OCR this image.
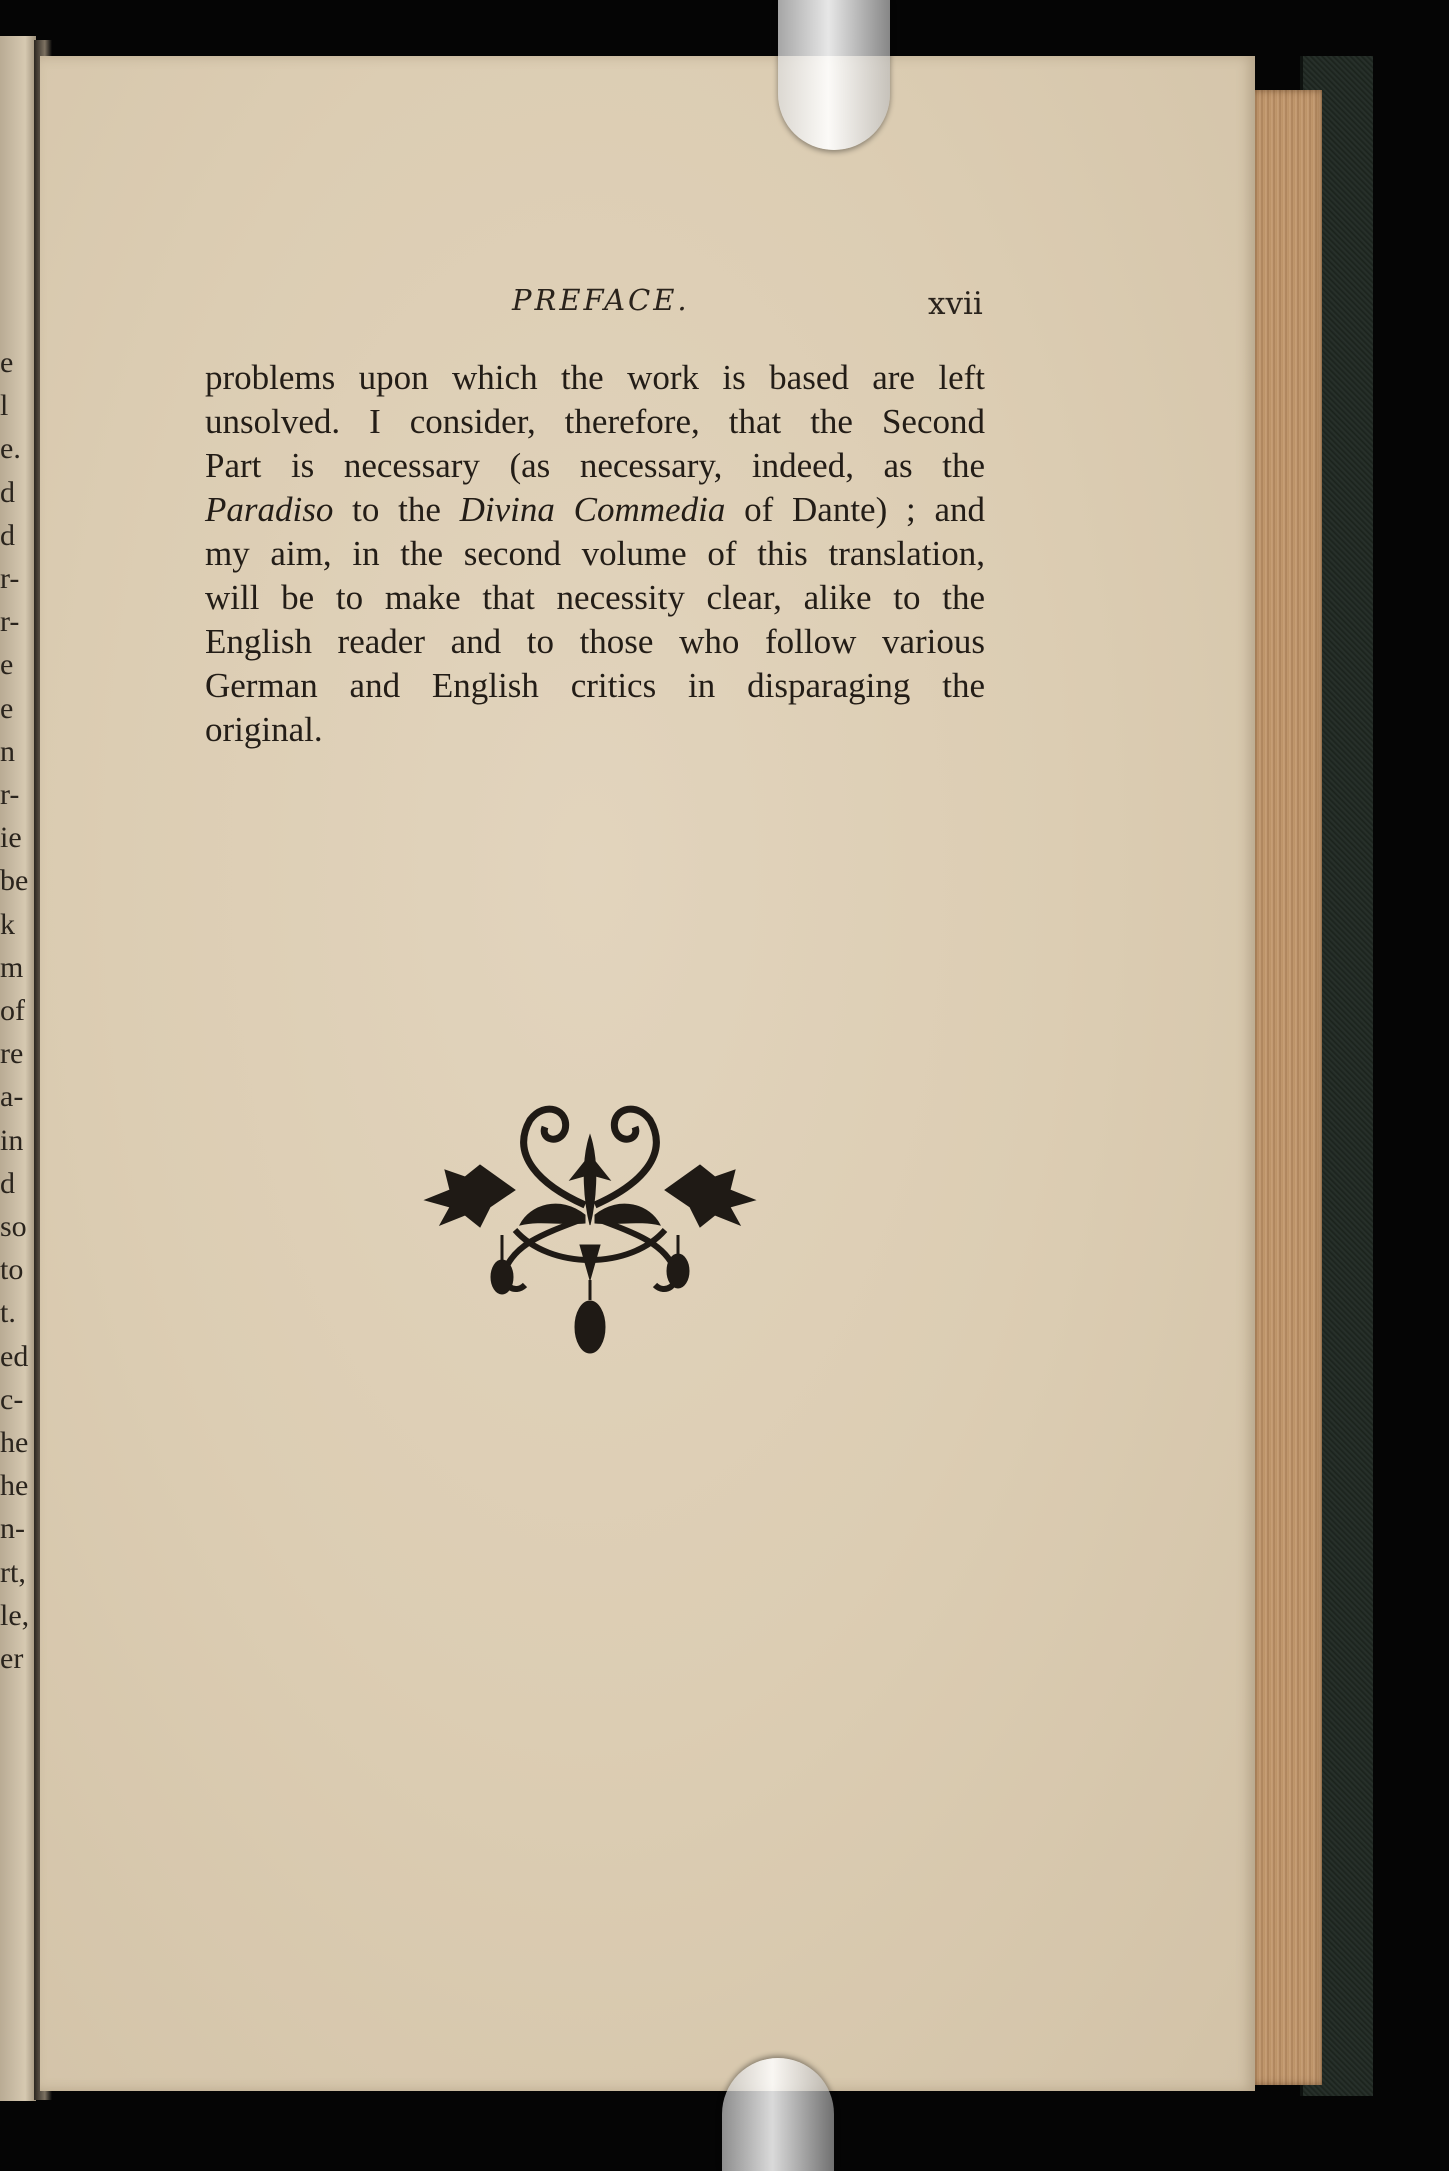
e
l
e.
d
d
r-
r-
e
e
n
r-
ie
be
k
m
of
re
a-
in
d
so
to
t.
ed
c-
he
he
n-
rt,
le,
er
PREFACE.	xvii
problems upon which the work is based are left
unsolved. I consider, therefore, that the Second
Part is necessary (as necessary, indeed, as the
Paradiso to the Divina Commedia of Dante) ; and
my aim, in the second volume of this translation,
will be to make that necessity clear, alike to the
English reader and to those who follow various
German and English critics in disparaging the
original.
